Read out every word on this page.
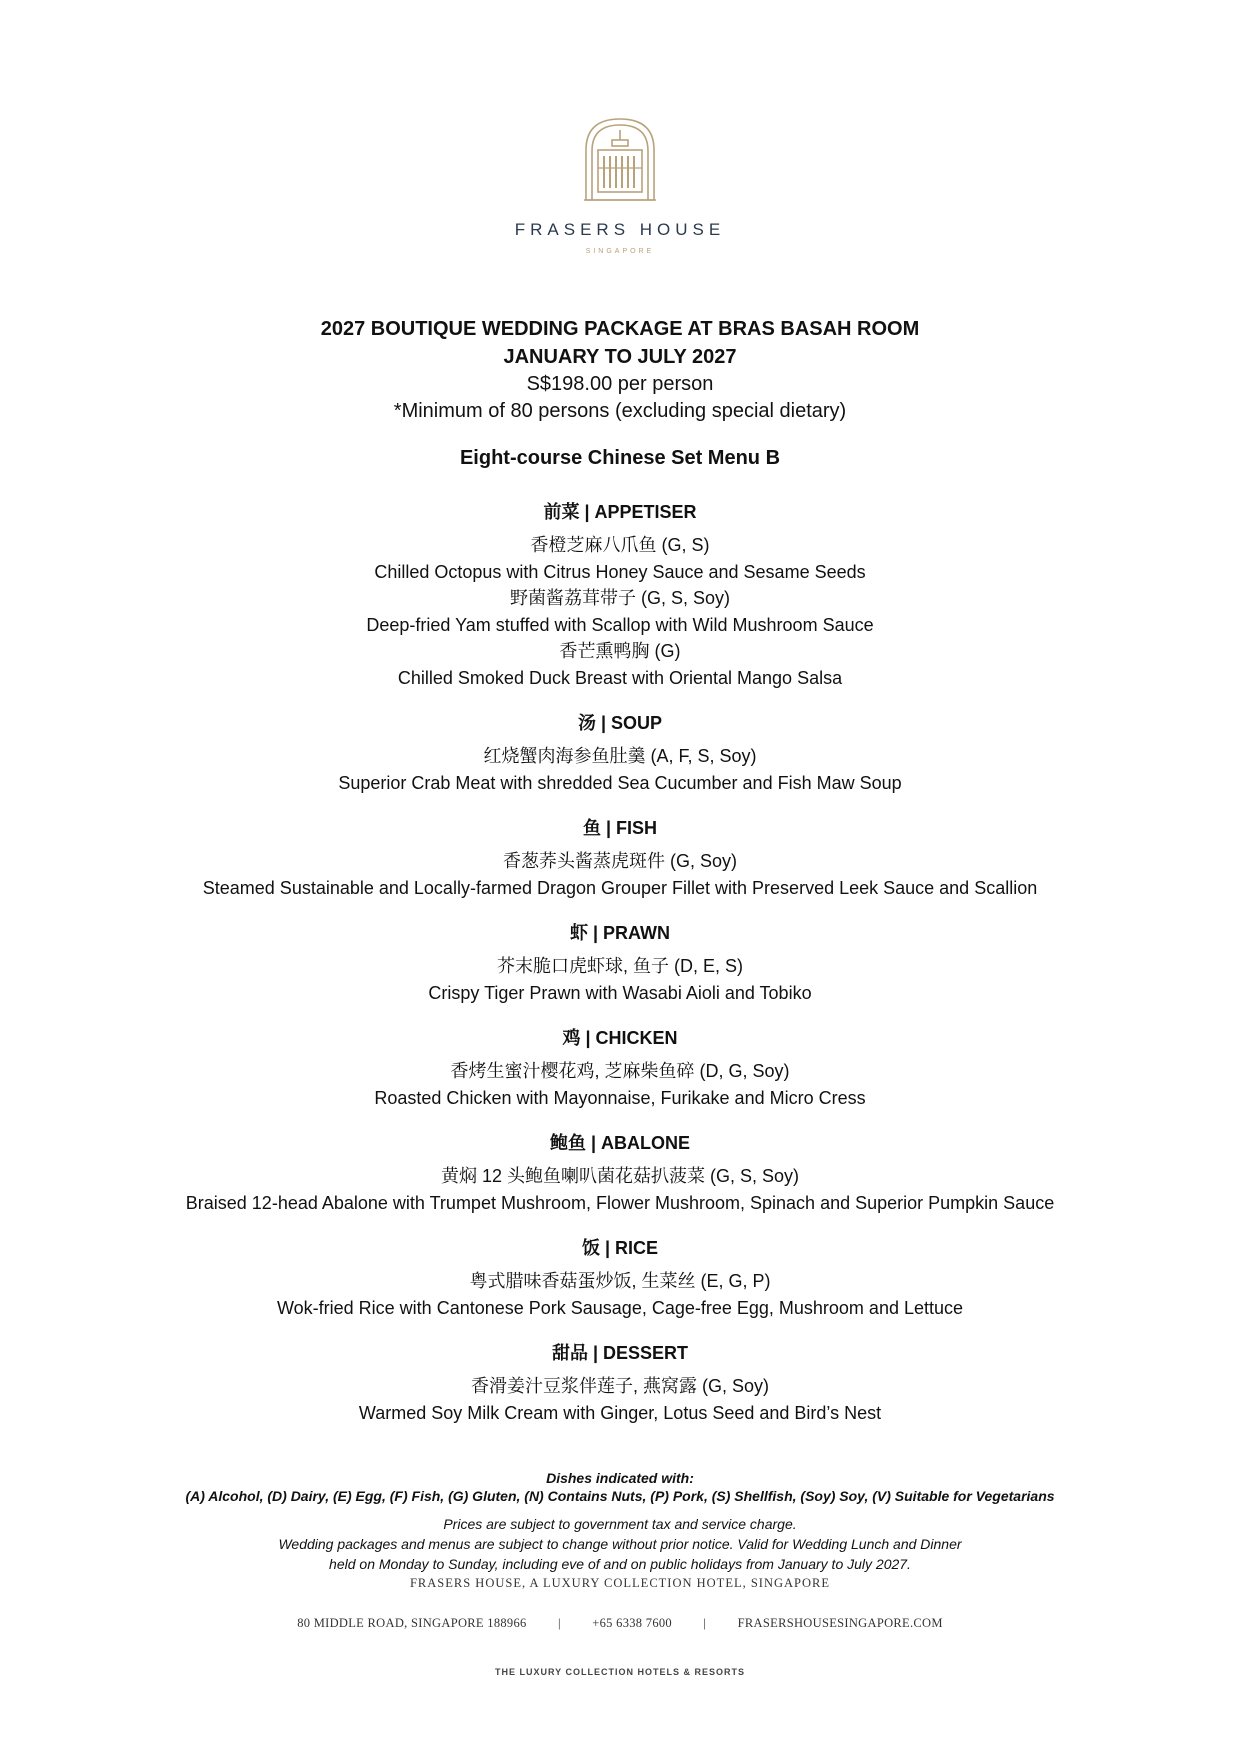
FRASERS HOUSE
SINGAPORE
2027 BOUTIQUE WEDDING PACKAGE AT BRAS BASAH ROOM
JANUARY TO JULY 2027
S$198.00 per person
*Minimum of 80 persons (excluding special dietary)
Eight-course Chinese Set Menu B
前菜 | APPETISER
香橙芝麻八爪鱼 (G, S)
Chilled Octopus with Citrus Honey Sauce and Sesame Seeds
野菌酱荔茸带子 (G, S, Soy)
Deep-fried Yam stuffed with Scallop with Wild Mushroom Sauce
香芒熏鸭胸 (G)
Chilled Smoked Duck Breast with Oriental Mango Salsa
汤 | SOUP
红烧蟹肉海参鱼肚羹 (A, F, S, Soy)
Superior Crab Meat with shredded Sea Cucumber and Fish Maw Soup
鱼 | FISH
香葱荞头酱蒸虎斑件 (G, Soy)
Steamed Sustainable and Locally-farmed Dragon Grouper Fillet with Preserved Leek Sauce and Scallion
虾 | PRAWN
芥末脆口虎虾球, 鱼子 (D, E, S)
Crispy Tiger Prawn with Wasabi Aioli and Tobiko
鸡 | CHICKEN
香烤生蜜汁樱花鸡, 芝麻柴鱼碎 (D, G, Soy)
Roasted Chicken with Mayonnaise, Furikake and Micro Cress
鲍鱼 | ABALONE
黄焖 12 头鲍鱼喇叭菌花菇扒菠菜 (G, S, Soy)
Braised 12-head Abalone with Trumpet Mushroom, Flower Mushroom, Spinach and Superior Pumpkin Sauce
饭 | RICE
粤式腊味香菇蛋炒饭, 生菜丝 (E, G, P)
Wok-fried Rice with Cantonese Pork Sausage, Cage-free Egg, Mushroom and Lettuce
甜品 | DESSERT
香滑姜汁豆浆伴莲子, 燕窝露 (G, Soy)
Warmed Soy Milk Cream with Ginger, Lotus Seed and Bird’s Nest
Dishes indicated with:
(A) Alcohol, (D) Dairy, (E) Egg, (F) Fish, (G) Gluten, (N) Contains Nuts, (P) Pork, (S) Shellfish, (Soy) Soy, (V) Suitable for Vegetarians
Prices are subject to government tax and service charge.
Wedding packages and menus are subject to change without prior notice. Valid for Wedding Lunch and Dinner
held on Monday to Sunday, including eve of and on public holidays from January to July 2027.
FRASERS HOUSE, A LUXURY COLLECTION HOTEL, SINGAPORE
80 MIDDLE ROAD, SINGAPORE 188966	|	+65 6338 7600	|	FRASERSHOUSESINGAPORE.COM
THE LUXURY COLLECTION HOTELS & RESORTS
